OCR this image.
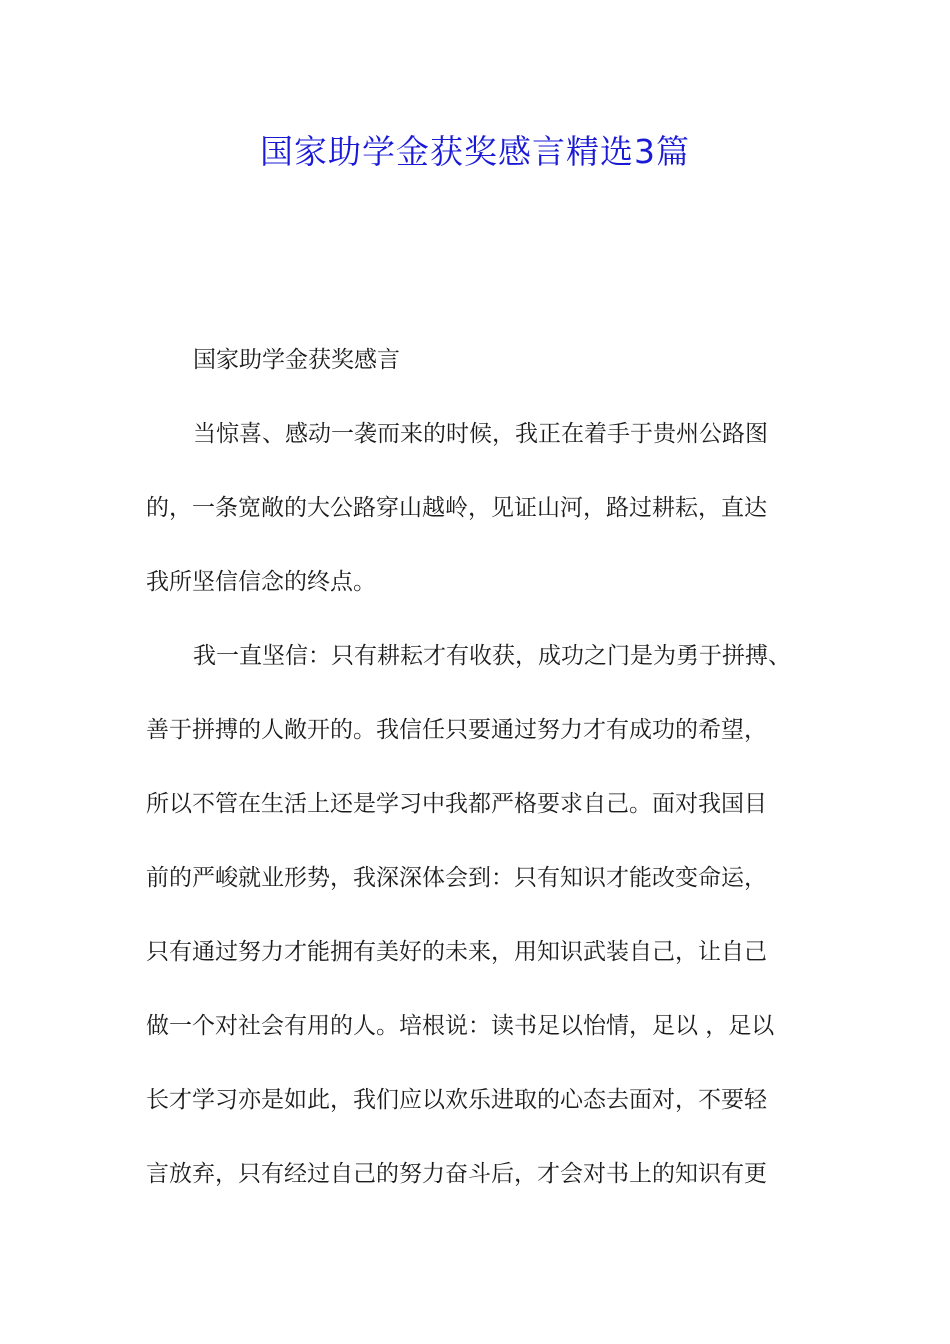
国家助学金获奖感言精选3篇

国家助学金获奖感言

当惊喜、感动一袭而来的时候，我正在着手于贵州公路图

的，一条宽敞的大公路穿山越岭，见证山河，路过耕耘，直达

我所坚信信念的终点。

我一直坚信：只有耕耘才有收获，成功之门是为勇于拼搏、

善于拼搏的人敞开的。我信任只要通过努力才有成功的希望，

所以不管在生活上还是学习中我都严格要求自己。面对我国目

前的严峻就业形势，我深深体会到：只有知识才能改变命运，

只有通过努力才能拥有美好的未来，用知识武装自己，让自己

做一个对社会有用的人。培根说：读书足以怡情，足以 ，足以

长才学习亦是如此，我们应以欢乐进取的心态去面对，不要轻

言放弃，只有经过自己的努力奋斗后，才会对书上的知识有更
